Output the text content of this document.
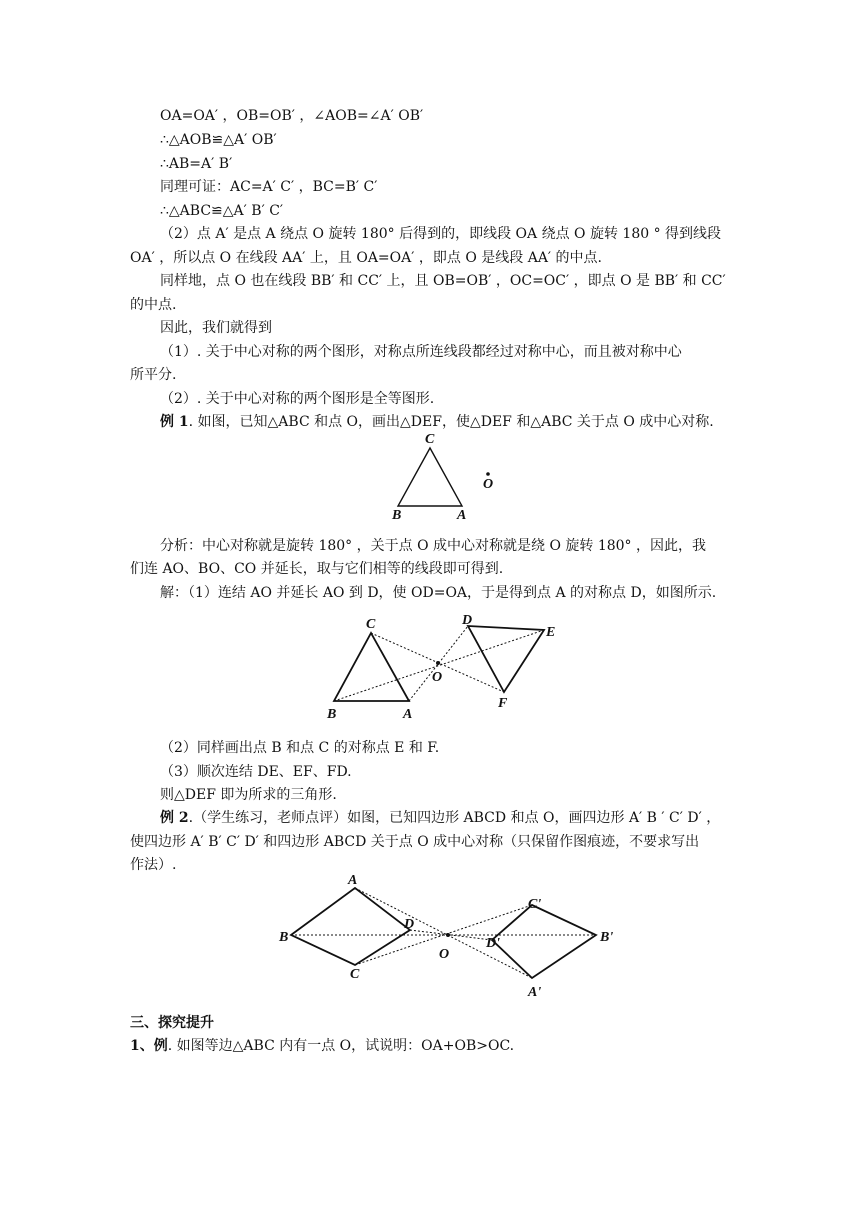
OA=OA′ ，OB=OB′ ，∠AOB=∠A′ OB′
∴△AOB≌△A′ OB′
∴AB=A′ B′
同理可证：AC=A′ C′ ，BC=B′ C′
∴△ABC≌△A′ B′ C′
（2）点 A′ 是点 A 绕点 O 旋转 180° 后得到的，即线段 OA 绕点 O 旋转 180 ° 得到线段
OA′ ，所以点 O 在线段 AA′ 上，且 OA=OA′ ，即点 O 是线段 AA′ 的中点.
同样地，点 O 也在线段 BB′ 和 CC′ 上，且 OB=OB′ ，OC=OC′ ，即点 O 是 BB′ 和 CC′
的中点.
因此，我们就得到
（1）. 关于中心对称的两个图形，对称点所连线段都经过对称中心，而且被对称中心
所平分.
（2）. 关于中心对称的两个图形是全等图形.
例 1. 如图，已知△ABC 和点 O，画出△DEF，使△DEF 和△ABC 关于点 O 成中心对称.
C
O
B	A
分析：中心对称就是旋转 180° ，关于点 O 成中心对称就是绕 O 旋转 180° ，因此，我
们连 AO、BO、CO 并延长，取与它们相等的线段即可得到.
解：（1）连结 AO 并延长 AO 到 D，使 OD=OA，于是得到点 A 的对称点 D，如图所示.
C	D
E
O
F
B	A
（2）同样画出点 B 和点 C 的对称点 E 和 F.
（3）顺次连结 DE、EF、FD.
则△DEF 即为所求的三角形.
例 2.（学生练习，老师点评）如图，已知四边形 ABCD 和点 O，画四边形 A′ B ′ C′ D′ ，
使四边形 A′ B′ C′ D′ 和四边形 ABCD 关于点 O 成中心对称（只保留作图痕迹，不要求写出
作法）.
A
B
C
D
O
C'
D'	B'
A'
三、探究提升
1、例. 如图等边△ABC 内有一点 O，试说明：OA+OB>OC.
